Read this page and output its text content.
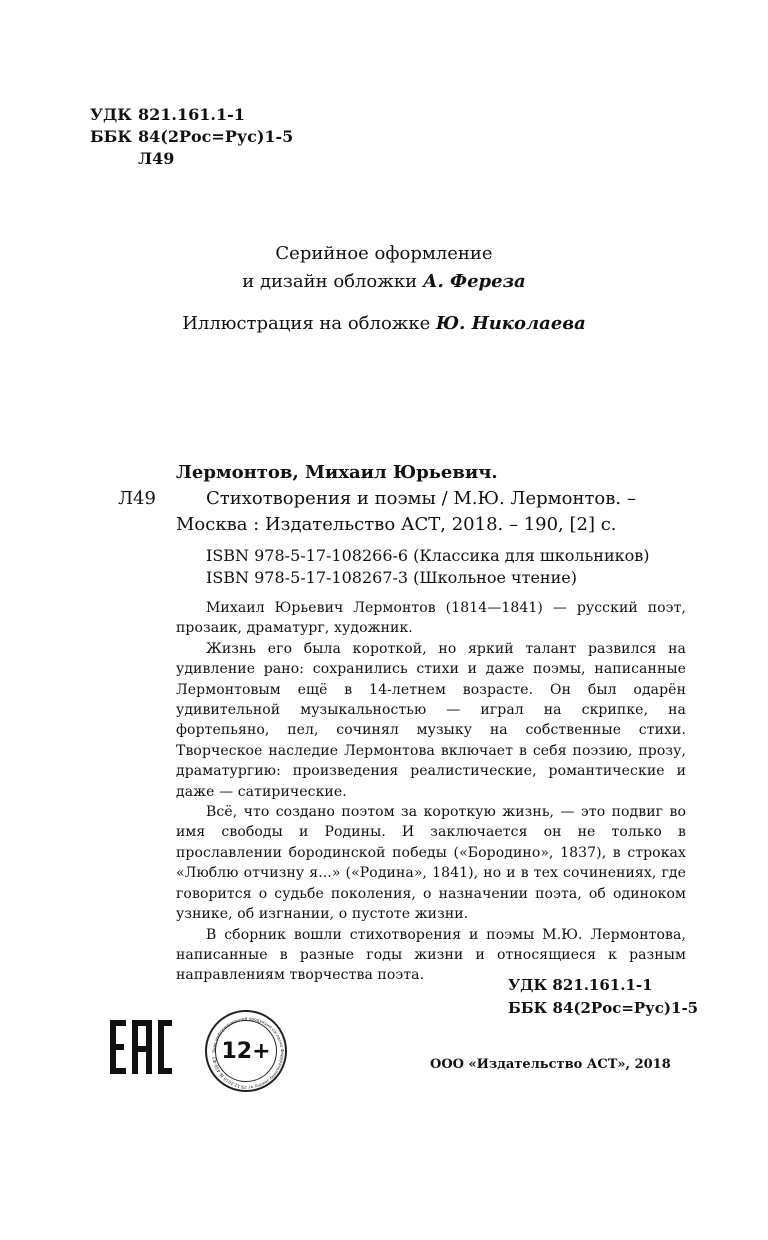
УДК 821.161.1-1
ББК 84(2Рос=Рус)1-5
Л49
Серийное оформление
и дизайн обложки А. Фереза
Иллюстрация на обложке Ю. Николаева
Лермонтов, Михаил Юрьевич.
Л49	Стихотворения и поэмы / М.Ю. Лермонтов. –
Москва : Издательство АСТ, 2018. – 190, [2] с.
ISBN 978-5-17-108266-6 (Классика для школьников)
ISBN 978-5-17-108267-3 (Школьное чтение)

Михаил Юрьевич Лермонтов (1814—1841) — русский поэт, прозаик, драматург, художник.

Жизнь его была короткой, но яркий талант развился на удивление рано: сохранились стихи и даже поэмы, написанные Лермонтовым ещё в 14-летнем возрасте. Он был одарён удивительной музыкальностью — играл на скрипке, на фортепьяно, пел, сочинял музыку на собственные стихи. Творческое наследие Лермонтова включает в себя поэзию, прозу, драматургию: произведения реалистические, романтические и даже — сатирические.

Всё, что создано поэтом за короткую жизнь, — это подвиг во имя свободы и Родины. И заключается он не только в прославлении бородинской победы («Бородино», 1837), в строках «Люблю отчизну я...» («Родина», 1841), но и в тех сочинениях, где говорится о судьбе поколения, о назначении поэта, об одиноком узнике, об изгнании, о пустоте жизни.

В сборник вошли стихотворения и поэмы М.Ю. Лермонтова, написанные в разные годы жизни и относящиеся к разным направлениям творчества поэта.

УДК 821.161.1-1
ББК 84(2Рос=Рус)1-5
Знак информационной продукции согласно Федеральному закону от 29.12.2010 № 436-ФЗ 12+
ООО «Издательство АСТ», 2018
